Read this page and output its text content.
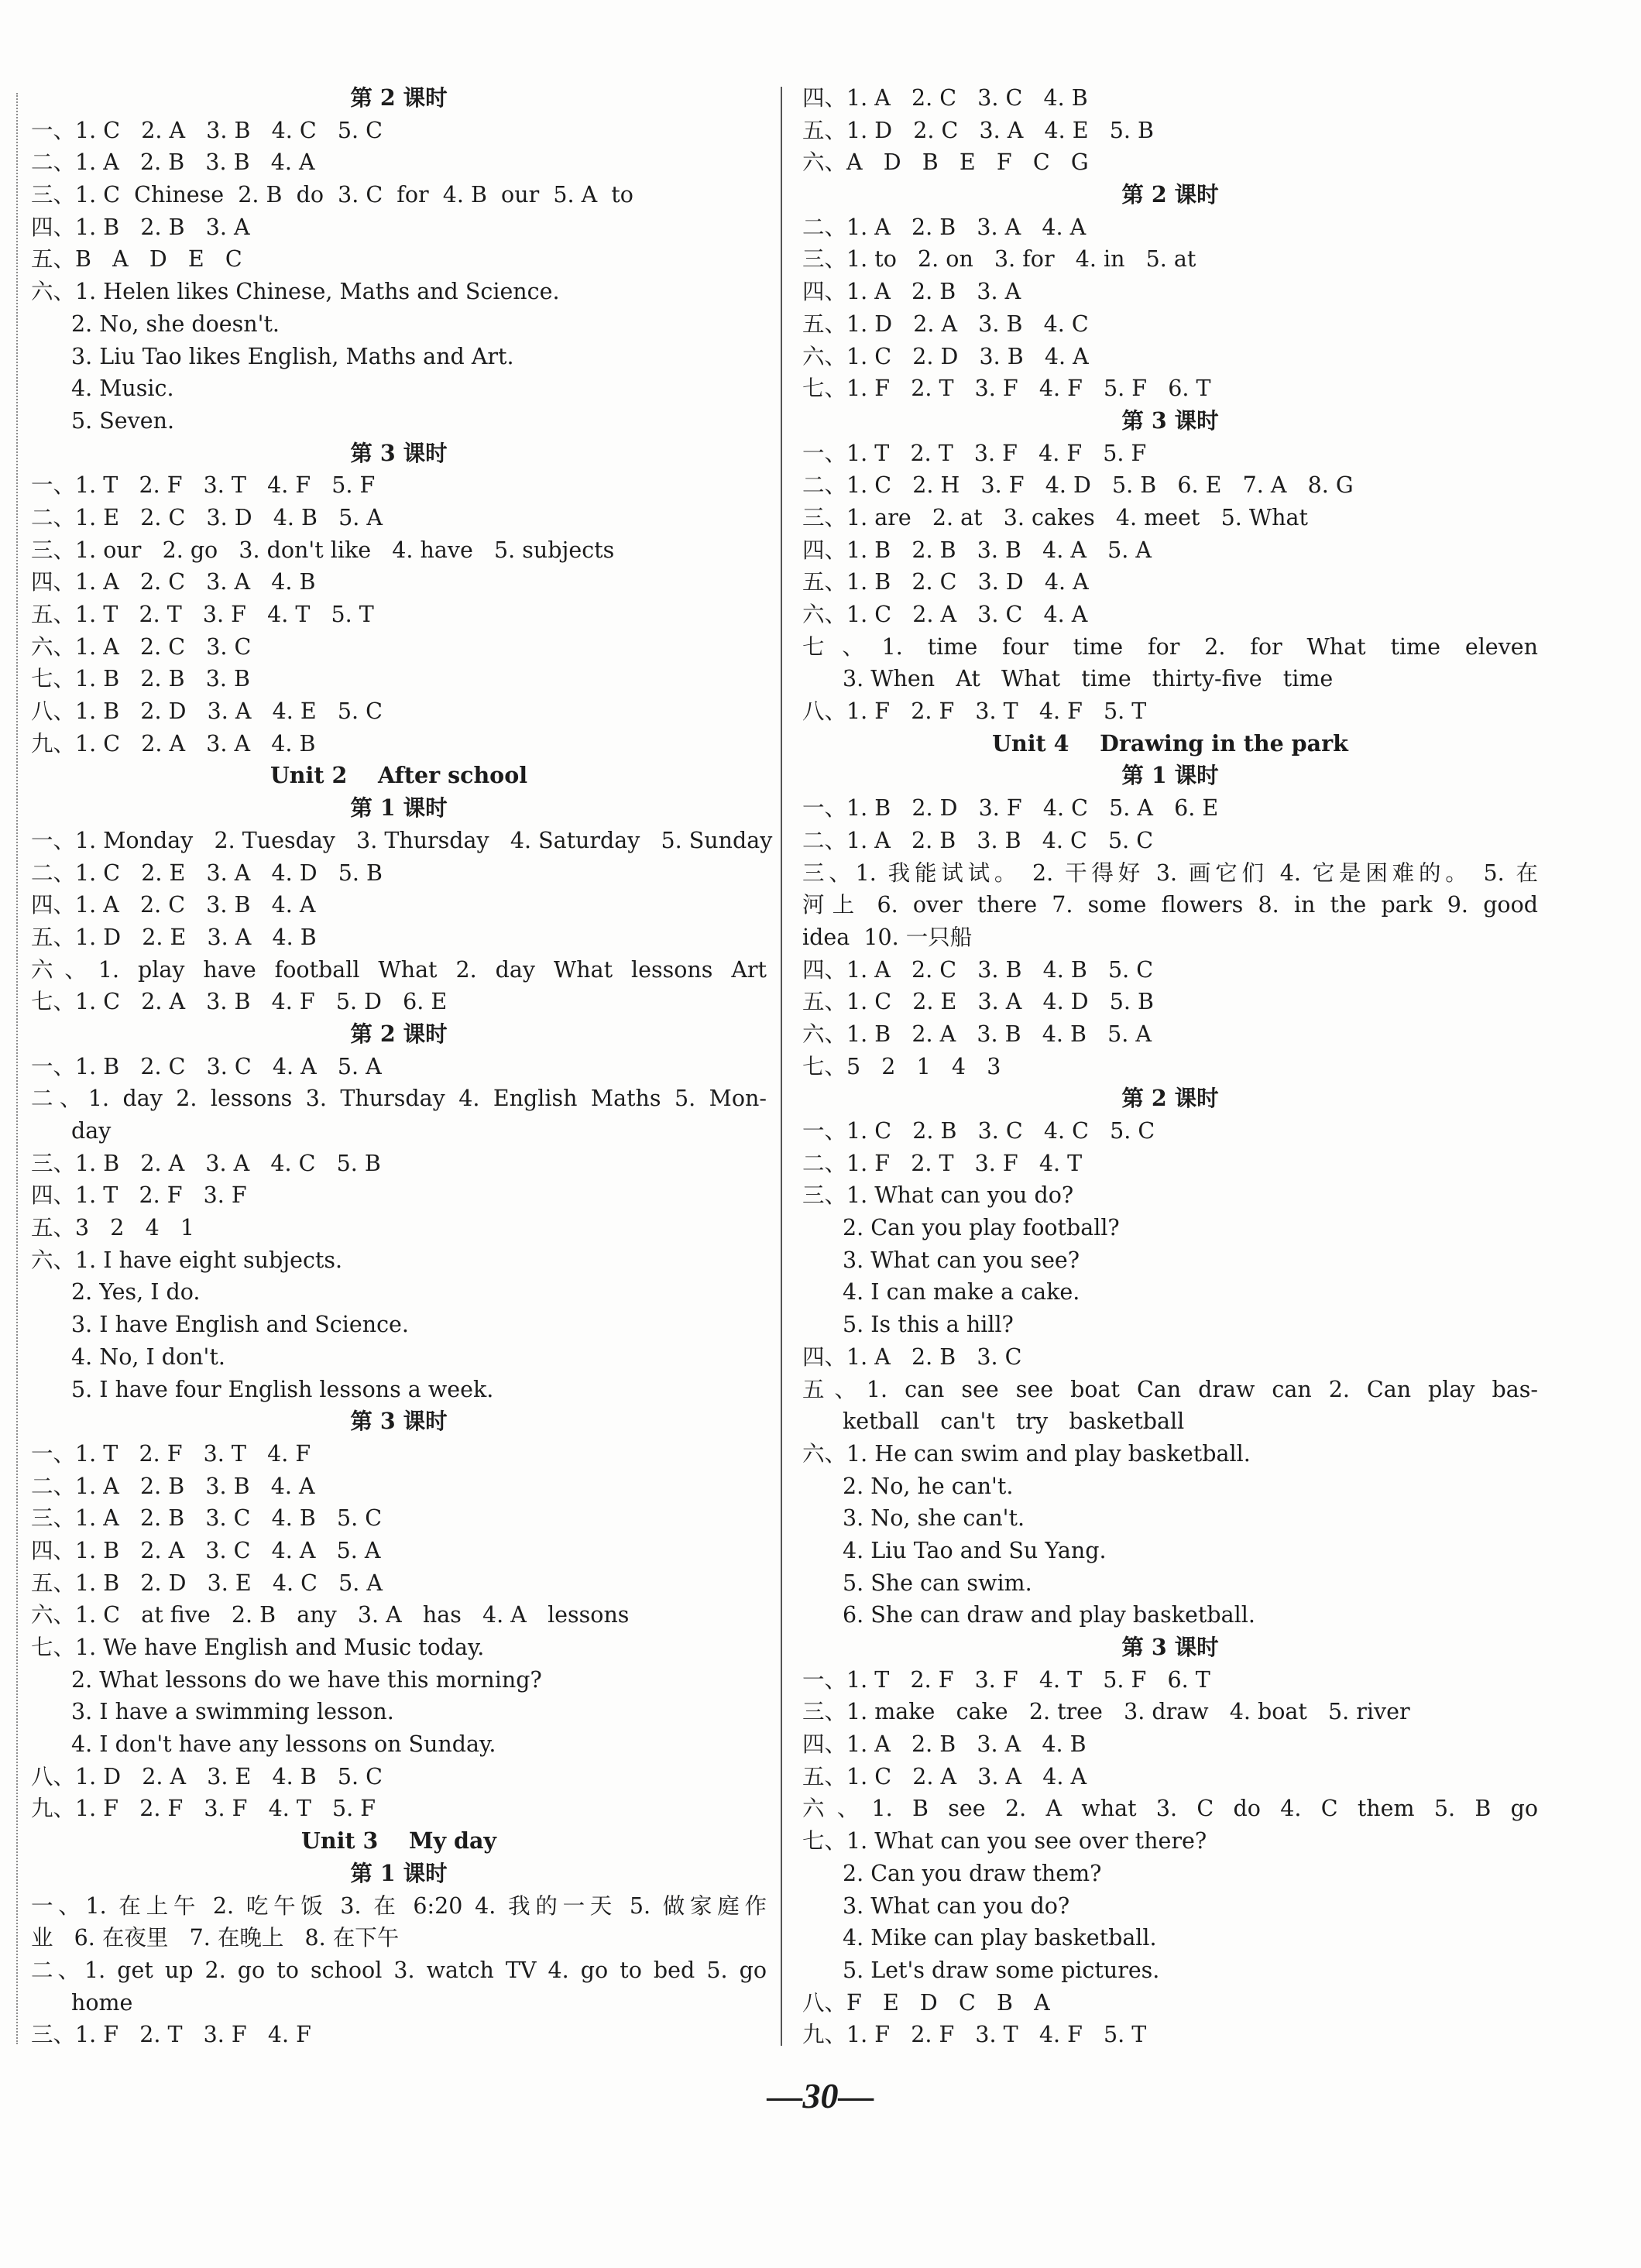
第 2 课时
一、1. C   2. A   3. B   4. C   5. C
二、1. A   2. B   3. B   4. A
三、1. C  Chinese  2. B  do  3. C  for  4. B  our  5. A  to
四、1. B   2. B   3. A
五、B   A   D   E   C
六、1. Helen likes Chinese, Maths and Science.
2. No, she doesn't.
3. Liu Tao likes English, Maths and Art.
4. Music.
5. Seven.
第 3 课时
一、1. T   2. F   3. T   4. F   5. F
二、1. E   2. C   3. D   4. B   5. A
三、1. our   2. go   3. don't like   4. have   5. subjects
四、1. A   2. C   3. A   4. B
五、1. T   2. T   3. F   4. T   5. T
六、1. A   2. C   3. C
七、1. B   2. B   3. B
八、1. B   2. D   3. A   4. E   5. C
九、1. C   2. A   3. A   4. B
Unit 2    After school
第 1 课时
一、1. Monday   2. Tuesday   3. Thursday   4. Saturday   5. Sunday
二、1. C   2. E   3. A   4. D   5. B
四、1. A   2. C   3. B   4. A
五、1. D   2. E   3. A   4. B
六、1. play have football What 2. day What lessons Art
七、1. C   2. A   3. B   4. F   5. D   6. E
第 2 课时
一、1. B   2. C   3. C   4. A   5. A
二、1. day 2. lessons 3. Thursday 4. English Maths 5. Mon-
day
三、1. B   2. A   3. A   4. C   5. B
四、1. T   2. F   3. F
五、3   2   4   1
六、1. I have eight subjects.
2. Yes, I do.
3. I have English and Science.
4. No, I don't.
5. I have four English lessons a week.
第 3 课时
一、1. T   2. F   3. T   4. F
二、1. A   2. B   3. B   4. A
三、1. A   2. B   3. C   4. B   5. C
四、1. B   2. A   3. C   4. A   5. A
五、1. B   2. D   3. E   4. C   5. A
六、1. C   at five   2. B   any   3. A   has   4. A   lessons
七、1. We have English and Music today.
2. What lessons do we have this morning?
3. I have a swimming lesson.
4. I don't have any lessons on Sunday.
八、1. D   2. A   3. E   4. B   5. C
九、1. F   2. F   3. F   4. T   5. F
Unit 3    My day
第 1 课时
一、1. 在上午 2. 吃午饭 3. 在 6:20 4. 我的一天 5. 做家庭作
业   6. 在夜里   7. 在晚上   8. 在下午
二、1. get up 2. go to school 3. watch TV 4. go to bed 5. go
home
三、1. F   2. T   3. F   4. F
四、1. A   2. C   3. C   4. B
五、1. D   2. C   3. A   4. E   5. B
六、A   D   B   E   F   C   G
第 2 课时
二、1. A   2. B   3. A   4. A
三、1. to   2. on   3. for   4. in   5. at
四、1. A   2. B   3. A
五、1. D   2. A   3. B   4. C
六、1. C   2. D   3. B   4. A
七、1. F   2. T   3. F   4. F   5. F   6. T
第 3 课时
一、1. T   2. T   3. F   4. F   5. F
二、1. C   2. H   3. F   4. D   5. B   6. E   7. A   8. G
三、1. are   2. at   3. cakes   4. meet   5. What
四、1. B   2. B   3. B   4. A   5. A
五、1. B   2. C   3. D   4. A
六、1. C   2. A   3. C   4. A
七、1. time four time for 2. for What time eleven
3. When   At   What   time   thirty-five   time
八、1. F   2. F   3. T   4. F   5. T
Unit 4    Drawing in the park
第 1 课时
一、1. B   2. D   3. F   4. C   5. A   6. E
二、1. A   2. B   3. B   4. C   5. C
三、1. 我能试试。 2. 干得好 3. 画它们 4. 它是困难的。 5. 在
河上 6. over there 7. some flowers 8. in the park 9. good
idea  10. 一只船
四、1. A   2. C   3. B   4. B   5. C
五、1. C   2. E   3. A   4. D   5. B
六、1. B   2. A   3. B   4. B   5. A
七、5   2   1   4   3
第 2 课时
一、1. C   2. B   3. C   4. C   5. C
二、1. F   2. T   3. F   4. T
三、1. What can you do?
2. Can you play football?
3. What can you see?
4. I can make a cake.
5. Is this a hill?
四、1. A   2. B   3. C
五、1. can see see boat Can draw can 2. Can play bas-
ketball   can't   try   basketball
六、1. He can swim and play basketball.
2. No, he can't.
3. No, she can't.
4. Liu Tao and Su Yang.
5. She can swim.
6. She can draw and play basketball.
第 3 课时
一、1. T   2. F   3. F   4. T   5. F   6. T
三、1. make   cake   2. tree   3. draw   4. boat   5. river
四、1. A   2. B   3. A   4. B
五、1. C   2. A   3. A   4. A
六、1. B see 2. A what 3. C do 4. C them 5. B go
七、1. What can you see over there?
2. Can you draw them?
3. What can you do?
4. Mike can play basketball.
5. Let's draw some pictures.
八、F   E   D   C   B   A
九、1. F   2. F   3. T   4. F   5. T
—30—
